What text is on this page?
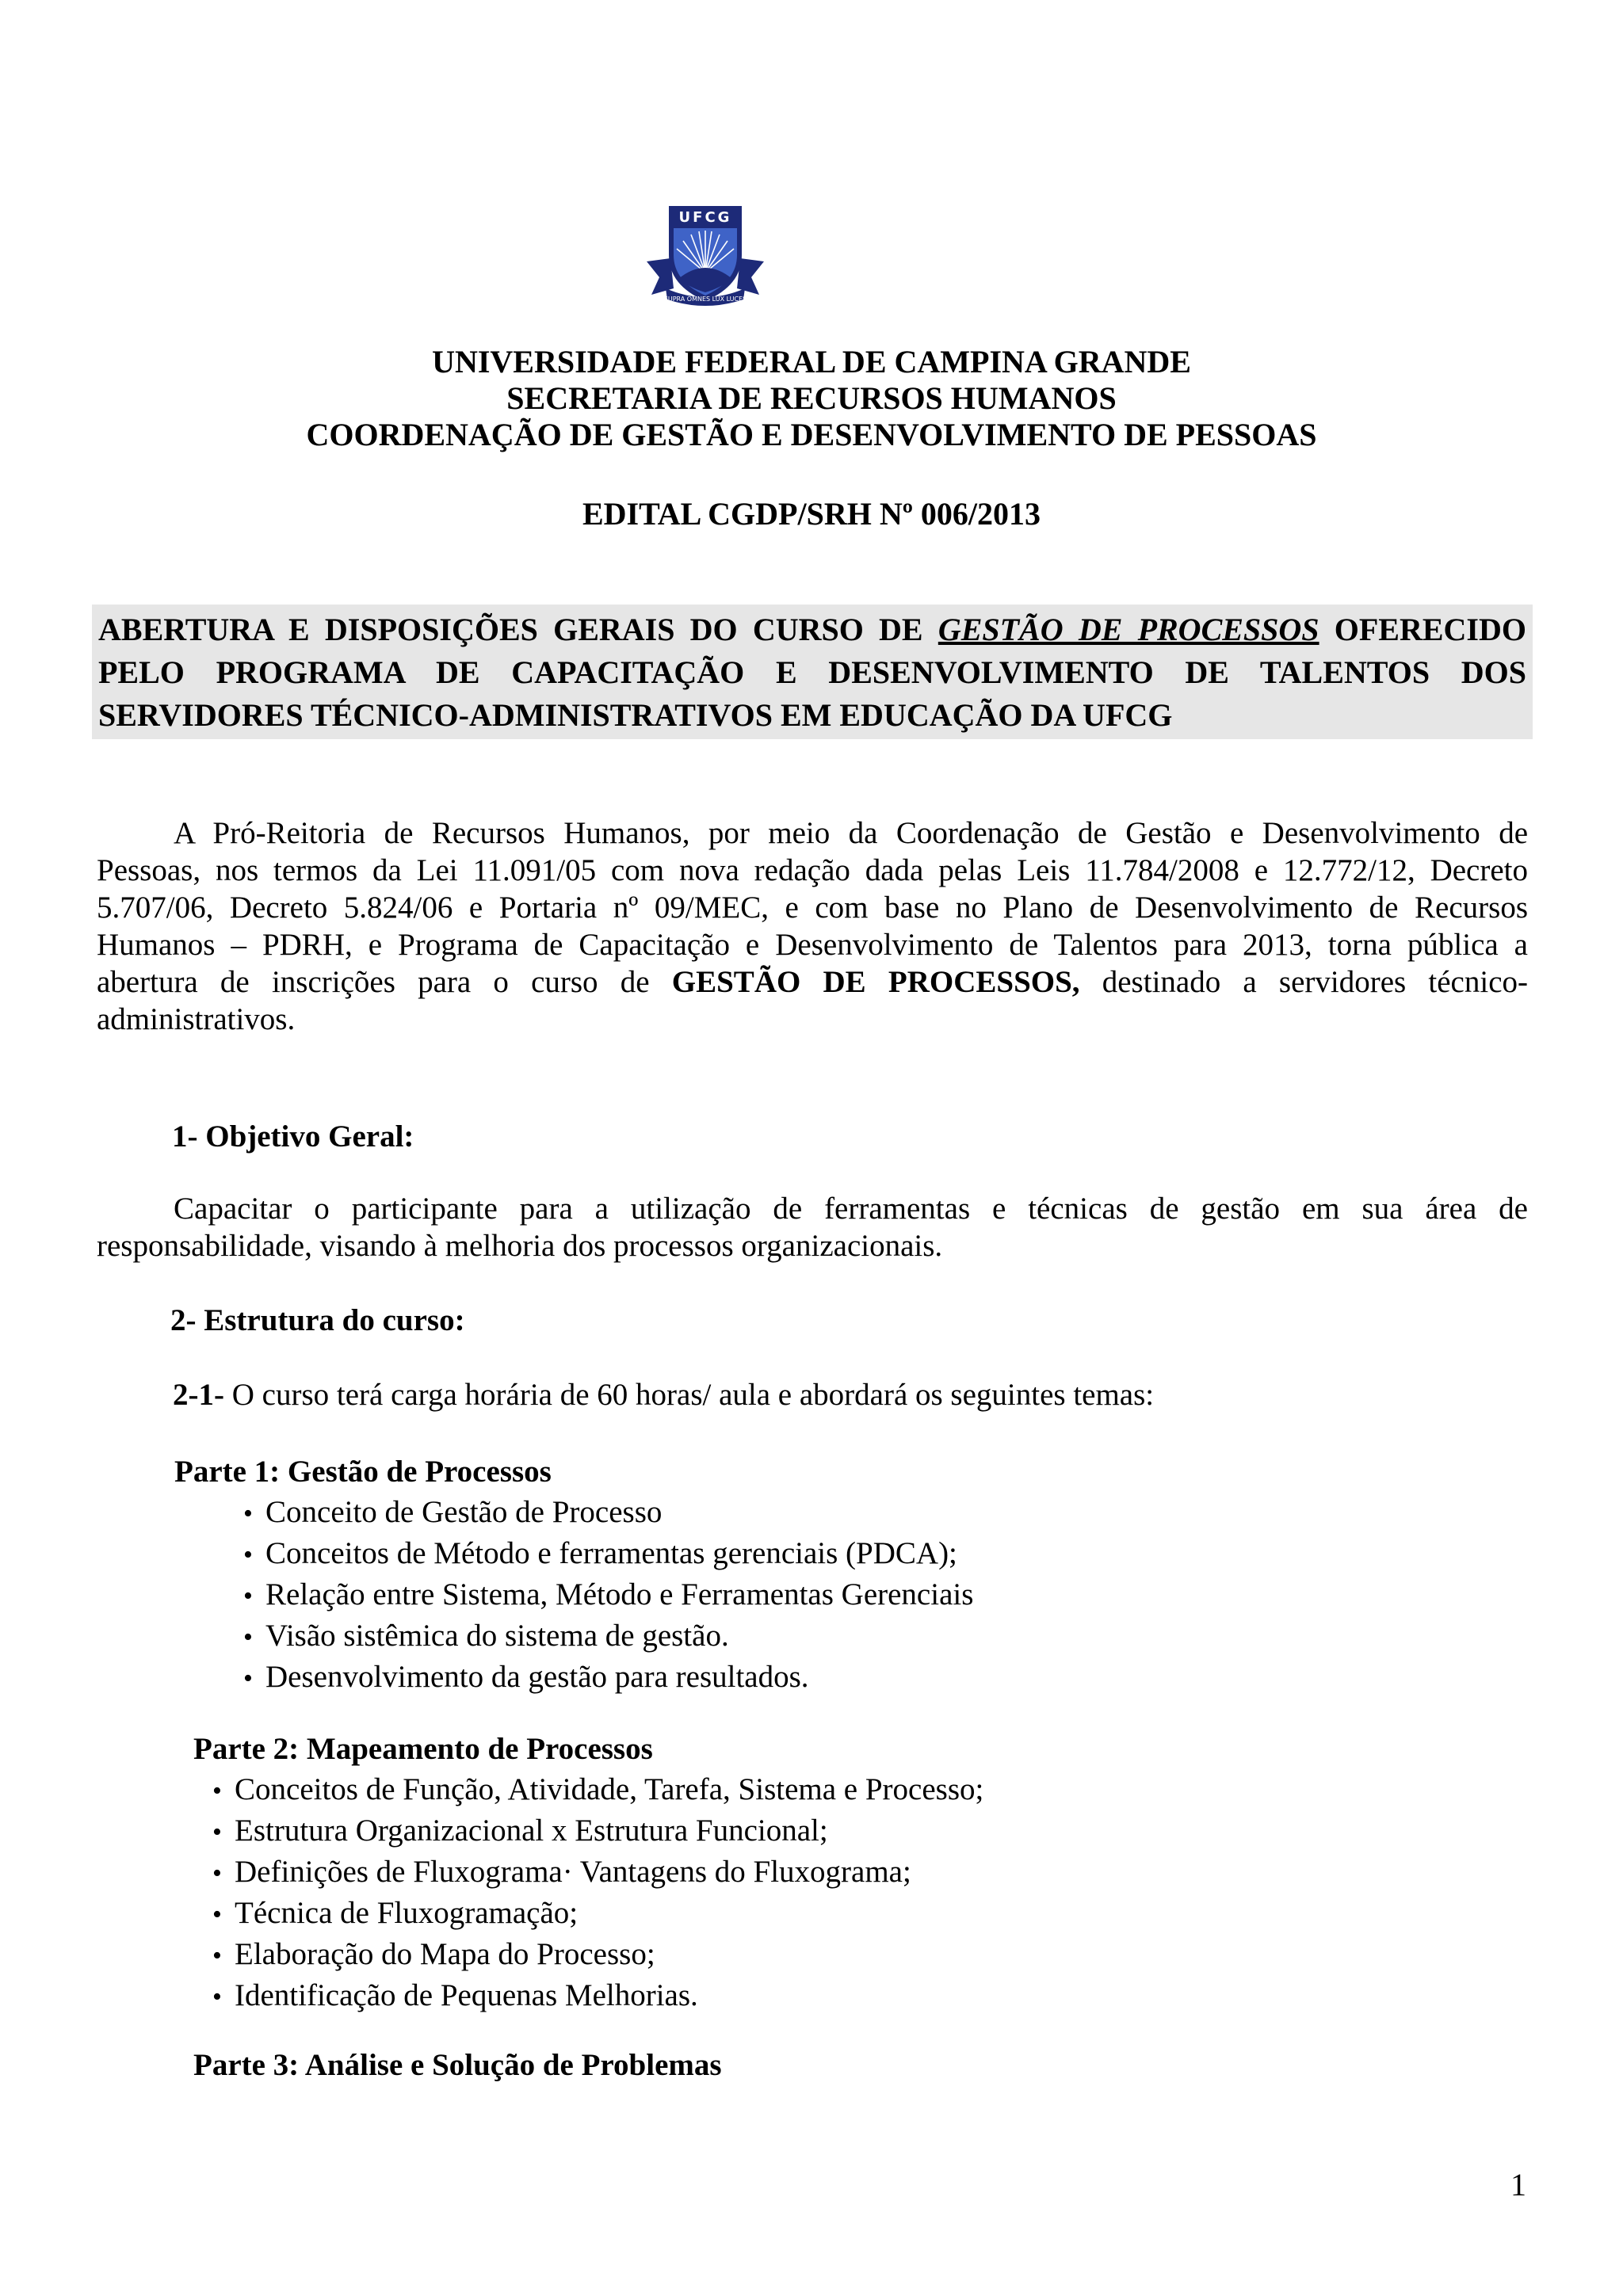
SUPRA OMNES LUX LUCES
UFCG
UNIVERSIDADE FEDERAL DE CAMPINA GRANDE
SECRETARIA DE RECURSOS HUMANOS
COORDENAÇÃO DE GESTÃO E DESENVOLVIMENTO DE PESSOAS
EDITAL CGDP/SRH Nº 006/2013
ABERTURA E DISPOSIÇÕES GERAIS DO CURSO DE GESTÃO DE PROCESSOS OFERECIDO
PELO PROGRAMA DE CAPACITAÇÃO E DESENVOLVIMENTO DE TALENTOS DOS
SERVIDORES TÉCNICO-ADMINISTRATIVOS EM EDUCAÇÃO DA UFCG
A Pró-Reitoria de Recursos Humanos, por meio da Coordenação de Gestão e Desenvolvimento de
Pessoas, nos termos da Lei 11.091/05 com nova redação dada pelas Leis 11.784/2008 e 12.772/12, Decreto
5.707/06, Decreto 5.824/06 e Portaria nº 09/MEC, e com base no Plano de Desenvolvimento de Recursos
Humanos – PDRH, e Programa de Capacitação e Desenvolvimento de Talentos para 2013, torna pública a
abertura de inscrições para o curso de GESTÃO DE PROCESSOS, destinado a servidores técnico-
administrativos.
1- Objetivo Geral:
Capacitar o participante para a utilização de ferramentas e técnicas de gestão em sua área de
responsabilidade, visando à melhoria dos processos organizacionais.
2- Estrutura do curso:
2-1- O curso terá carga horária de 60 horas/ aula e abordará os seguintes temas:
Parte 1: Gestão de Processos
• Conceito de Gestão de Processo
• Conceitos de Método e ferramentas gerenciais (PDCA);
• Relação entre Sistema, Método e Ferramentas Gerenciais
• Visão sistêmica do sistema de gestão.
• Desenvolvimento da gestão para resultados.
Parte 2: Mapeamento de Processos
• Conceitos de Função, Atividade, Tarefa, Sistema e Processo;
• Estrutura Organizacional x Estrutura Funcional;
• Definições de Fluxograma· Vantagens do Fluxograma;
• Técnica de Fluxogramação;
• Elaboração do Mapa do Processo;
• Identificação de Pequenas Melhorias.
Parte 3: Análise e Solução de Problemas
1
